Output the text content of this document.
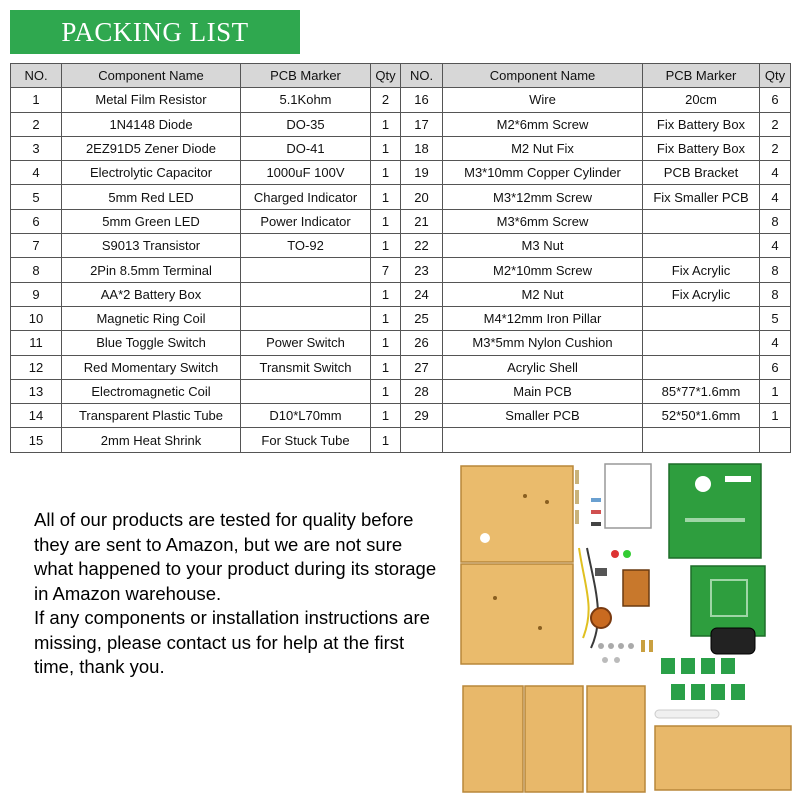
PACKING LIST
NO.	Component Name	PCB Marker	Qty	NO.	Component Name	PCB Marker	Qty
1	Metal Film Resistor	5.1Kohm	2	16	Wire	20cm	6
2	1N4148 Diode	DO-35	1	17	M2*6mm Screw	Fix Battery Box	2
3	2EZ91D5 Zener Diode	DO-41	1	18	M2 Nut Fix	Fix Battery Box	2
4	Electrolytic Capacitor	1000uF 100V	1	19	M3*10mm Copper Cylinder	PCB Bracket	4
5	5mm Red LED	Charged Indicator	1	20	M3*12mm Screw	Fix Smaller PCB	4
6	5mm Green LED	Power Indicator	1	21	M3*6mm Screw		8
7	S9013 Transistor	TO-92	1	22	M3 Nut		4
8	2Pin 8.5mm Terminal		7	23	M2*10mm Screw	Fix Acrylic	8
9	AA*2 Battery Box		1	24	M2 Nut	Fix Acrylic	8
10	Magnetic Ring Coil		1	25	M4*12mm Iron Pillar		5
11	Blue Toggle Switch	Power Switch	1	26	M3*5mm Nylon Cushion		4
12	Red Momentary Switch	Transmit Switch	1	27	Acrylic Shell		6
13	Electromagnetic Coil		1	28	Main PCB	85*77*1.6mm	1
14	Transparent Plastic Tube	D10*L70mm	1	29	Smaller PCB	52*50*1.6mm	1
15	2mm Heat Shrink	For Stuck Tube	1				

All of our products are tested for quality before they are sent to Amazon, but we are not sure what happened to your product during its storage in Amazon warehouse.

If any components or installation instructions are missing, please contact us for help at the first time, thank you.
